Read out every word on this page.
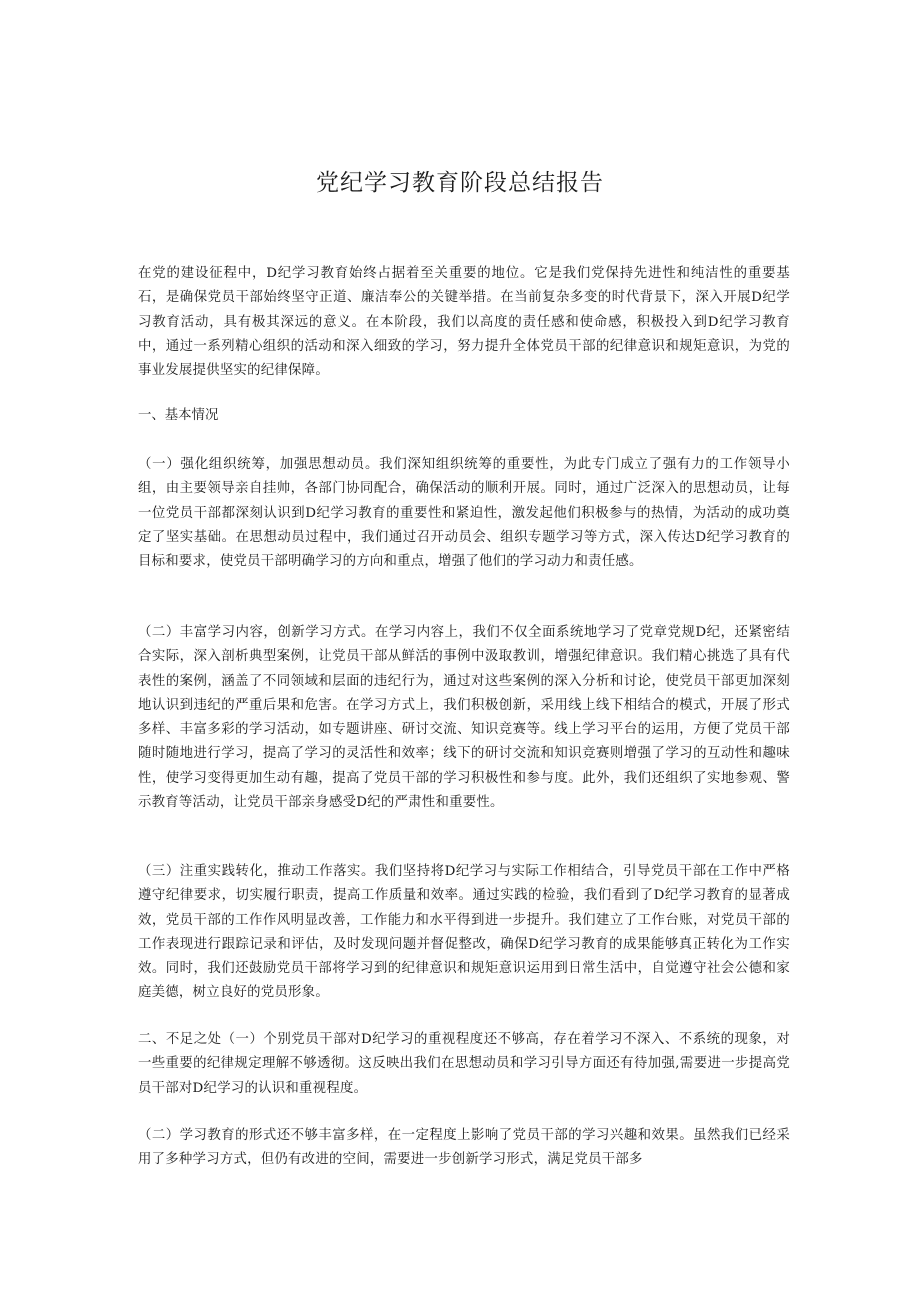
党纪学习教育阶段总结报告

在党的建设征程中，D纪学习教育始终占据着至关重要的地位。它是我们党保持先进性和纯洁性的重要基石，是确保党员干部始终坚守正道、廉洁奉公的关键举措。在当前复杂多变的时代背景下，深入开展D纪学习教育活动，具有极其深远的意义。在本阶段，我们以高度的责任感和使命感，积极投入到D纪学习教育中，通过一系列精心组织的活动和深入细致的学习，努力提升全体党员干部的纪律意识和规矩意识，为党的事业发展提供坚实的纪律保障。

一、基本情况

（一）强化组织统筹，加强思想动员。我们深知组织统筹的重要性，为此专门成立了强有力的工作领导小组，由主要领导亲自挂帅，各部门协同配合，确保活动的顺利开展。同时，通过广泛深入的思想动员，让每一位党员干部都深刻认识到D纪学习教育的重要性和紧迫性，激发起他们积极参与的热情，为活动的成功奠定了坚实基础。在思想动员过程中，我们通过召开动员会、组织专题学习等方式，深入传达D纪学习教育的目标和要求，使党员干部明确学习的方向和重点，增强了他们的学习动力和责任感。

（二）丰富学习内容，创新学习方式。在学习内容上，我们不仅全面系统地学习了党章党规D纪，还紧密结合实际，深入剖析典型案例，让党员干部从鲜活的事例中汲取教训，增强纪律意识。我们精心挑选了具有代表性的案例，涵盖了不同领域和层面的违纪行为，通过对这些案例的深入分析和讨论，使党员干部更加深刻地认识到违纪的严重后果和危害。在学习方式上，我们积极创新，采用线上线下相结合的模式，开展了形式多样、丰富多彩的学习活动，如专题讲座、研讨交流、知识竞赛等。线上学习平台的运用，方便了党员干部随时随地进行学习，提高了学习的灵活性和效率；线下的研讨交流和知识竞赛则增强了学习的互动性和趣味性，使学习变得更加生动有趣，提高了党员干部的学习积极性和参与度。此外，我们还组织了实地参观、警示教育等活动，让党员干部亲身感受D纪的严肃性和重要性。

（三）注重实践转化，推动工作落实。我们坚持将D纪学习与实际工作相结合，引导党员干部在工作中严格遵守纪律要求，切实履行职责，提高工作质量和效率。通过实践的检验，我们看到了D纪学习教育的显著成效，党员干部的工作作风明显改善，工作能力和水平得到进一步提升。我们建立了工作台账，对党员干部的工作表现进行跟踪记录和评估，及时发现问题并督促整改，确保D纪学习教育的成果能够真正转化为工作实效。同时，我们还鼓励党员干部将学习到的纪律意识和规矩意识运用到日常生活中，自觉遵守社会公德和家庭美德，树立良好的党员形象。

二、不足之处（一）个别党员干部对D纪学习的重视程度还不够高，存在着学习不深入、不系统的现象，对一些重要的纪律规定理解不够透彻。这反映出我们在思想动员和学习引导方面还有待加强,需要进一步提高党员干部对D纪学习的认识和重视程度。

（二）学习教育的形式还不够丰富多样，在一定程度上影响了党员干部的学习兴趣和效果。虽然我们已经采用了多种学习方式，但仍有改进的空间，需要进一步创新学习形式，满足党员干部多
